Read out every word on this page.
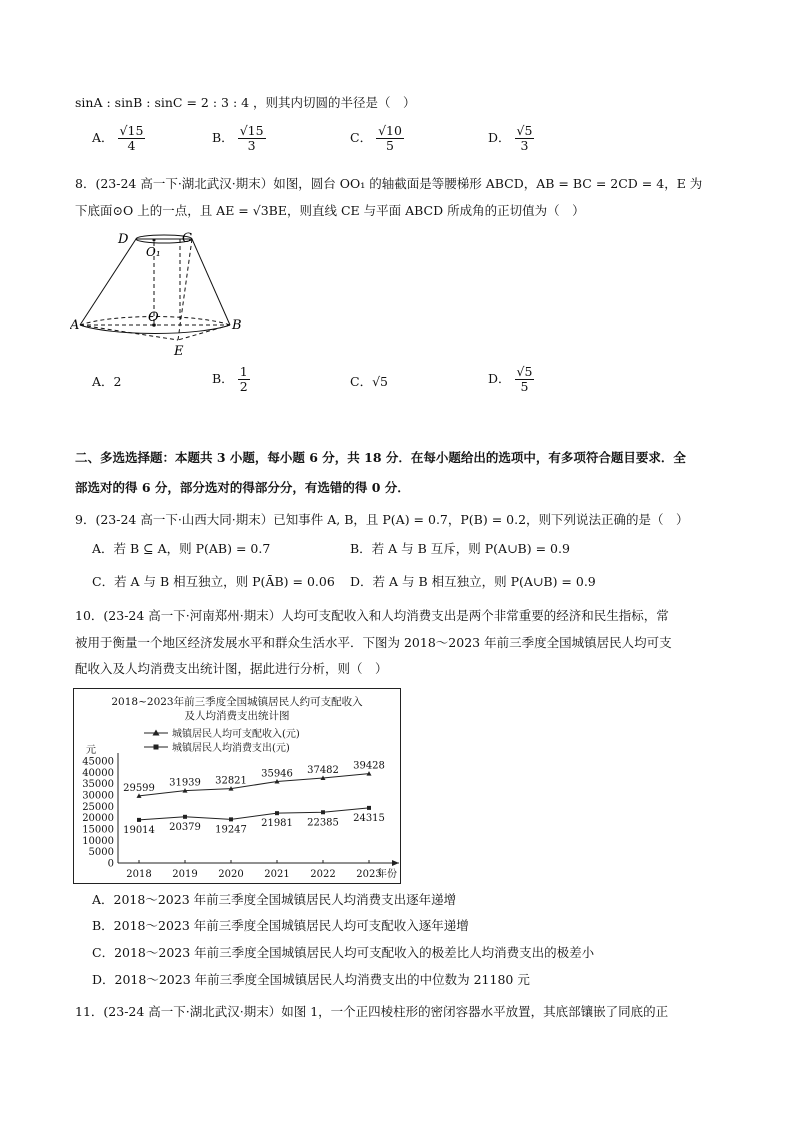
sinA : sinB : sinC = 2 : 3 : 4 ，则其内切圆的半径是（　）
A． $\frac{√15}{4}$	B． $\frac{√15}{3}$	C． $\frac{√10}{5}$	D． $\frac{√5}{3}$
8．(23-24 高一下·湖北武汉·期末）如图，圆台 OO₁ 的轴截面是等腰梯形 ABCD，AB = BC = 2CD = 4，E 为
下底面⊙O 上的一点，且 AE = √3BE，则直线 CE 与平面 ABCD 所成角的正切值为（　）
D	C
O₁
O
A	B
E
A．2	B． $\frac{1}{2}$	C．√5	D． $\frac{√5}{5}$
二、多选选择题：本题共 3 小题，每小题 6 分，共 18 分．在每小题给出的选项中，有多项符合题目要求．全
部选对的得 6 分，部分选对的得部分分，有选错的得 0 分．
9．(23-24 高一下·山西大同·期末）已知事件 A, B，且 P(A) = 0.7，P(B) = 0.2，则下列说法正确的是（　）
A．若 B ⊆ A，则 P(AB) = 0.7	B．若 A 与 B 互斥，则 P(A∪B) = 0.9
C．若 A 与 B 相互独立，则 P(ĀB) = 0.06 D．若 A 与 B 相互独立，则 P(A∪B) = 0.9
10．(23-24 高一下·河南郑州·期末）人均可支配收入和人均消费支出是两个非常重要的经济和民生指标，常
被用于衡量一个地区经济发展水平和群众生活水平．下图为 2018～2023 年前三季度全国城镇居民人均可支
配收入及人均消费支出统计图，据此进行分析，则（　）
2018~2023年前三季度全国城镇居民人约可支配收入
及人均消费支出统计图
元
城镇居民人均可支配收入(元)
城镇居民人均消费支出(元)
年份
45000
40000
35000
30000
25000
20000
15000
10000
5000
0
2018 2019 2020 2021 2022 2023
29599 31939 32821
35946 37482 39428
19014 20379 19247
21981 22385 24315
A．2018～2023 年前三季度全国城镇居民人均消费支出逐年递增
B．2018～2023 年前三季度全国城镇居民人均可支配收入逐年递增
C．2018～2023 年前三季度全国城镇居民人均可支配收入的极差比人均消费支出的极差小
D．2018～2023 年前三季度全国城镇居民人均消费支出的中位数为 21180 元
11．(23-24 高一下·湖北武汉·期末）如图 1，一个正四棱柱形的密闭容器水平放置，其底部镶嵌了同底的正
